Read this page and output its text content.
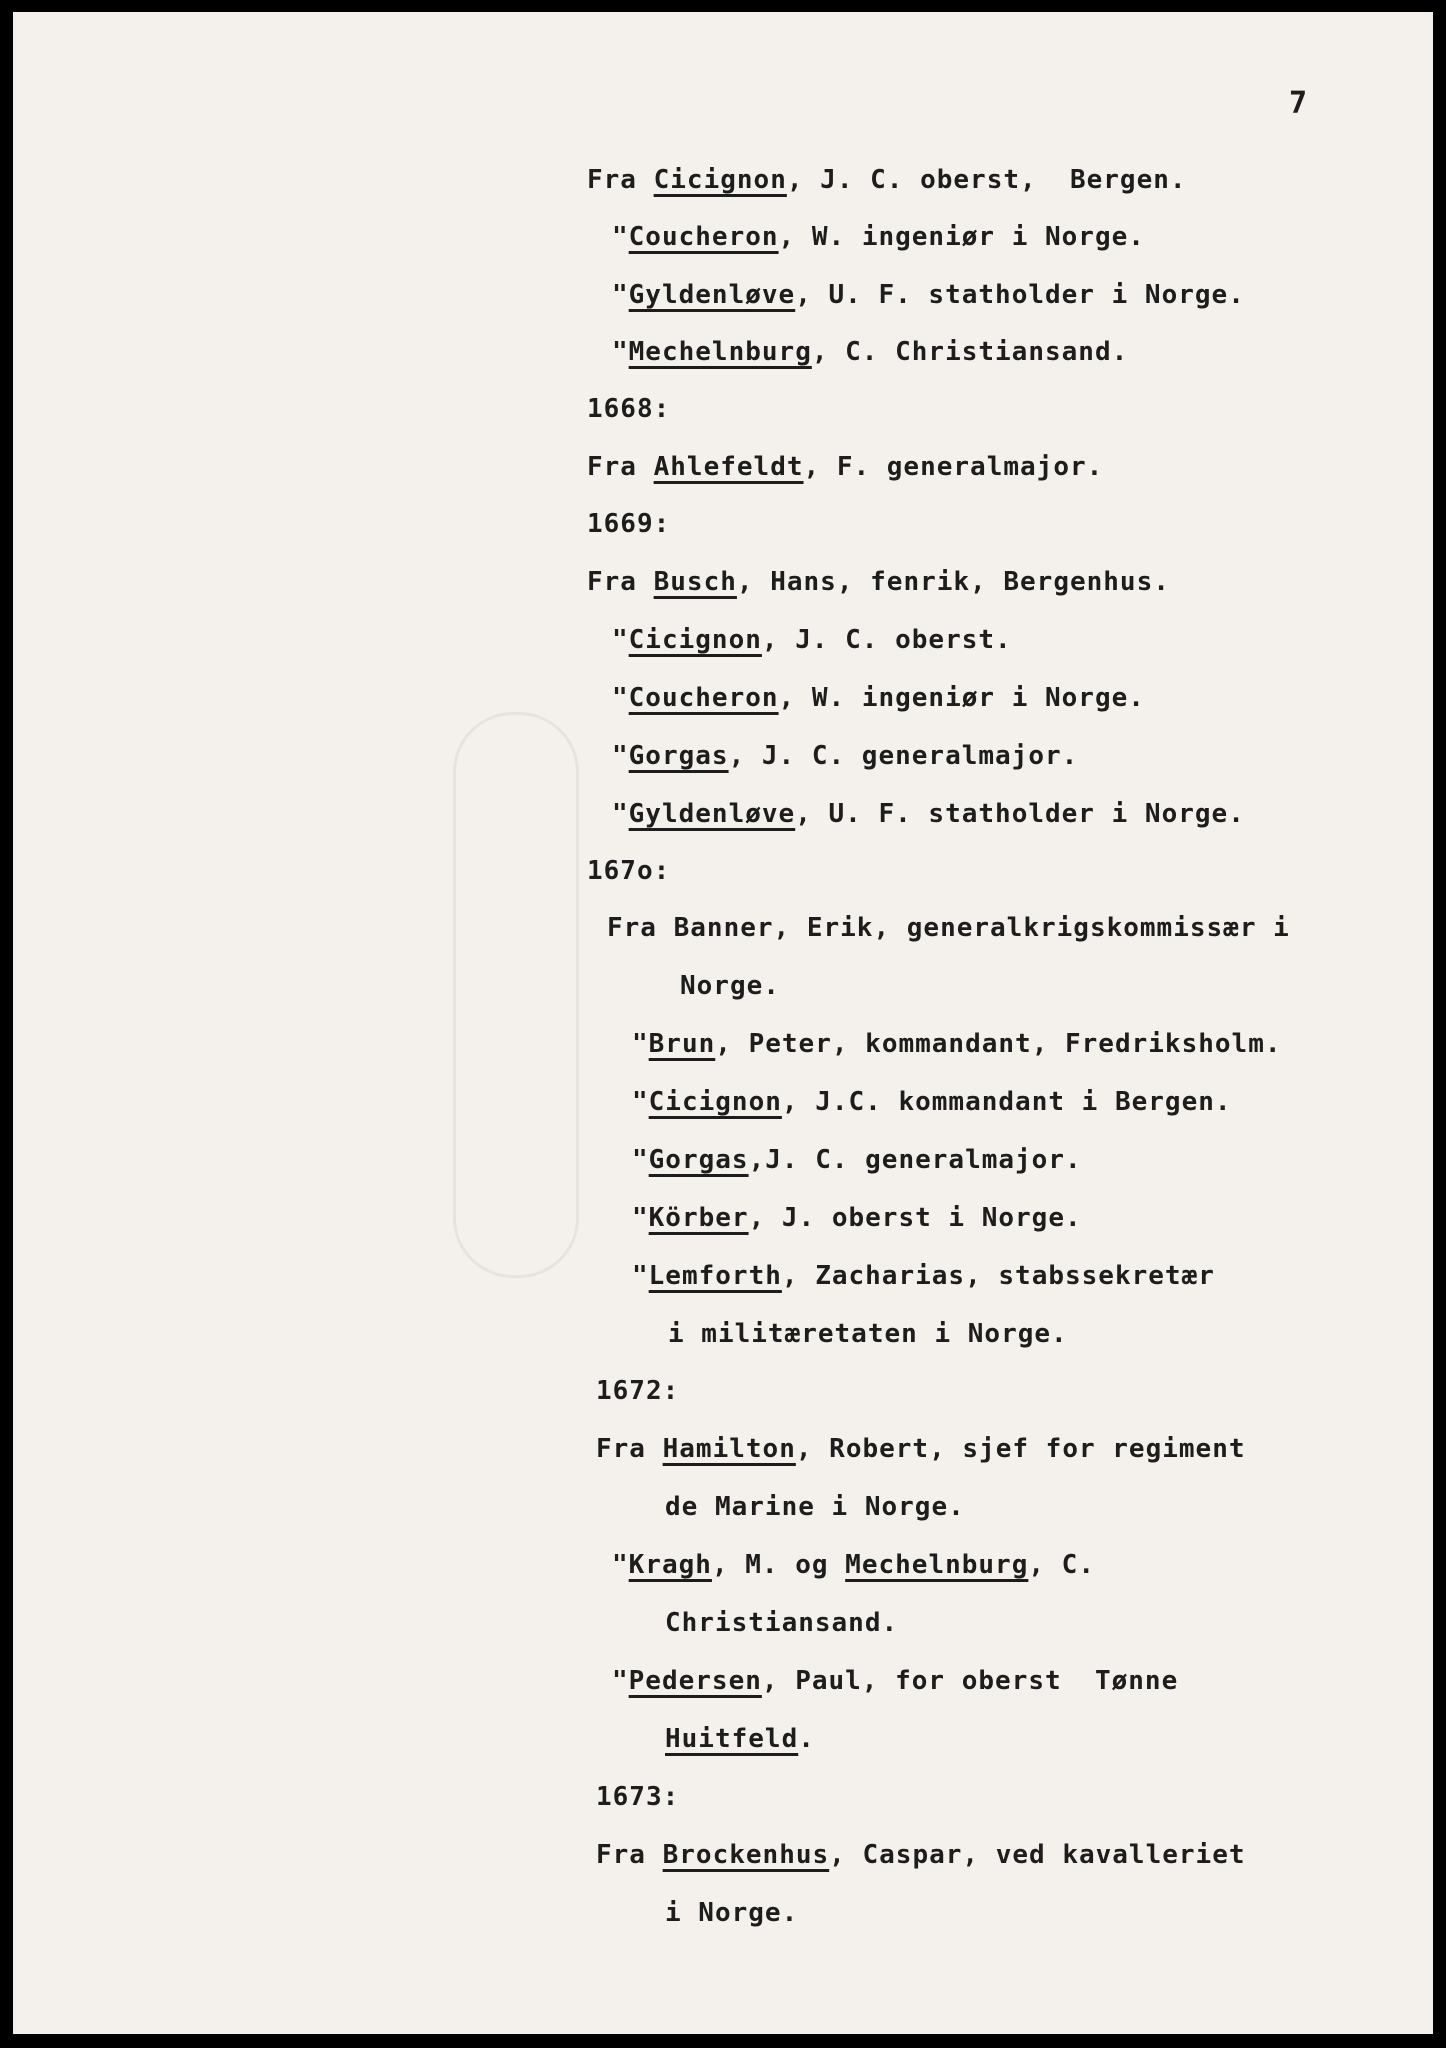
7
Fra Cicignon, J. C. oberst,  Bergen.
"Coucheron, W. ingeniør i Norge.
"Gyldenløve, U. F. statholder i Norge.
"Mechelnburg, C. Christiansand.
1668:
Fra Ahlefeldt, F. generalmajor.
1669:
Fra Busch, Hans, fenrik, Bergenhus.
"Cicignon, J. C. oberst.
"Coucheron, W. ingeniør i Norge.
"Gorgas, J. C. generalmajor.
"Gyldenløve, U. F. statholder i Norge.
167o:
Fra Banner, Erik, generalkrigskommissær i
Norge.
"Brun, Peter, kommandant, Fredriksholm.
"Cicignon, J.C. kommandant i Bergen.
"Gorgas,J. C. generalmajor.
"Körber, J. oberst i Norge.
"Lemforth, Zacharias, stabssekretær
i militæretaten i Norge.
1672:
Fra Hamilton, Robert, sjef for regiment
de Marine i Norge.
"Kragh, M. og Mechelnburg, C.
Christiansand.
"Pedersen, Paul, for oberst  Tønne
Huitfeld.
1673:
Fra Brockenhus, Caspar, ved kavalleriet
i Norge.
